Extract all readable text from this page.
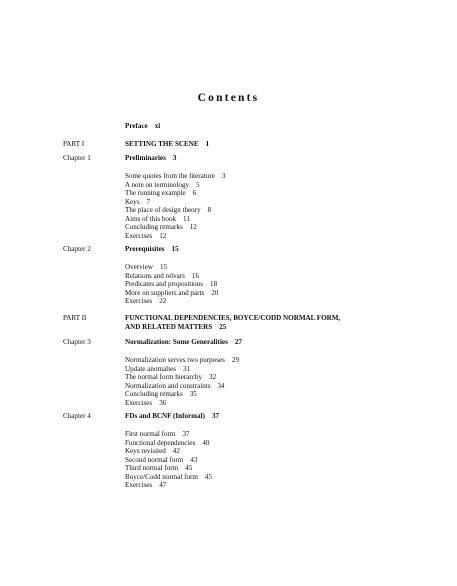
Contents
Preface xi
PART I	SETTING THE SCENE 1
Chapter 1	Preliminaries 3
Some quotes from the literature 3
A note on terminology 5
The running example 6
Keys 7
The place of design theory 8
Aims of this book 11
Concluding remarks 12
Exercises 12
Chapter 2	Prerequisites 15
Overview 15
Relations and relvars 16
Predicates and propositions 18
More on suppliers and parts 20
Exercises 22
PART II	FUNCTIONAL DEPENDENCIES, BOYCE/CODD NORMAL FORM,
AND RELATED MATTERS 25
Chapter 3	Normalization: Some Generalities 27
Normalization serves two purposes 29
Update anomalies 31
The normal form hierarchy 32
Normalization and constraints 34
Concluding remarks 35
Exercises 36
Chapter 4	FDs and BCNF (Informal) 37
First normal form 37
Functional dependencies 40
Keys revisited 42
Second normal form 43
Third normal form 45
Boyce/Codd normal form 45
Exercises 47
